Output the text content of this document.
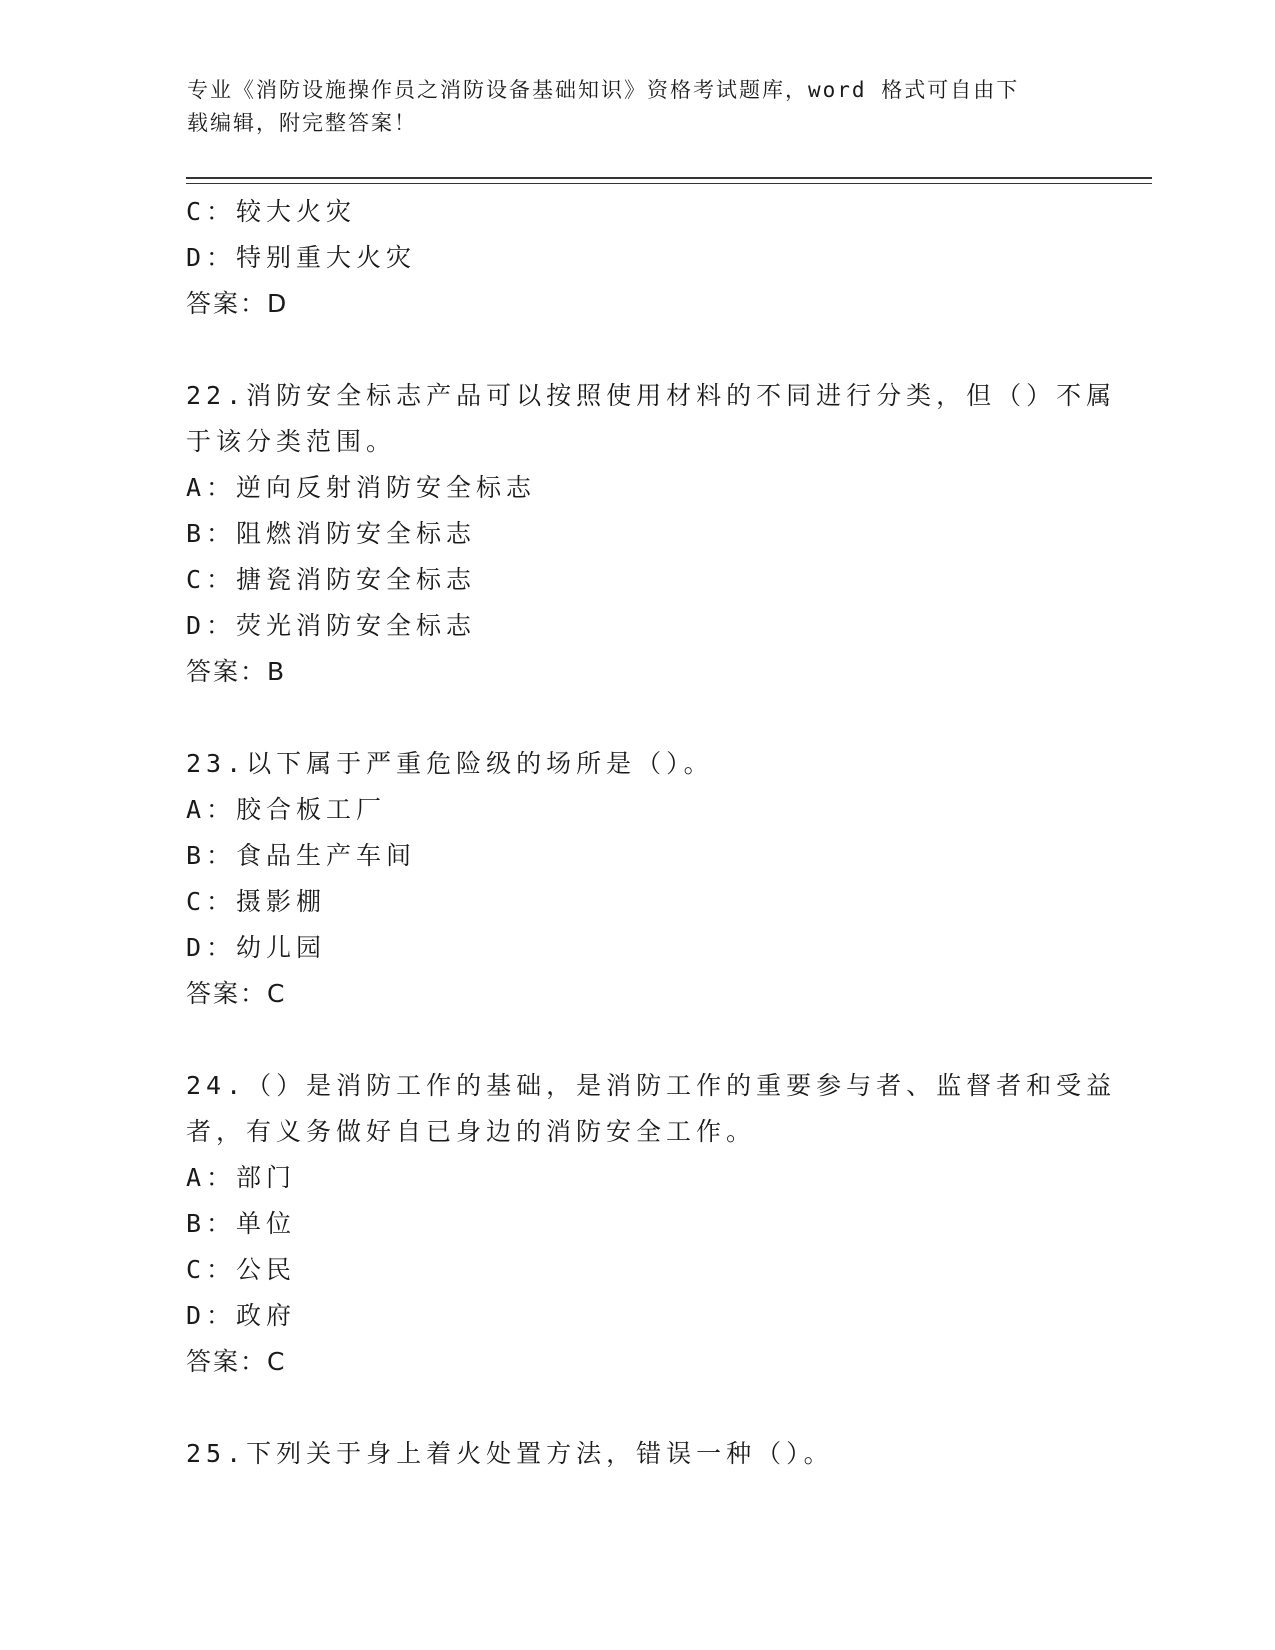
专业《消防设施操作员之消防设备基础知识》资格考试题库，word 格式可自由下
载编辑，附完整答案！
C：较大火灾
D：特别重大火灾
答案：D
22.消防安全标志产品可以按照使用材料的不同进行分类，但（）不属
于该分类范围。
A：逆向反射消防安全标志
B：阻燃消防安全标志
C：搪瓷消防安全标志
D：荧光消防安全标志
答案：B
23.以下属于严重危险级的场所是（）。
A：胶合板工厂
B：食品生产车间
C：摄影棚
D：幼儿园
答案：C
24.（）是消防工作的基础，是消防工作的重要参与者、监督者和受益
者，有义务做好自已身边的消防安全工作。
A：部门
B：单位
C：公民
D：政府
答案：C
25.下列关于身上着火处置方法，错误一种（）。
